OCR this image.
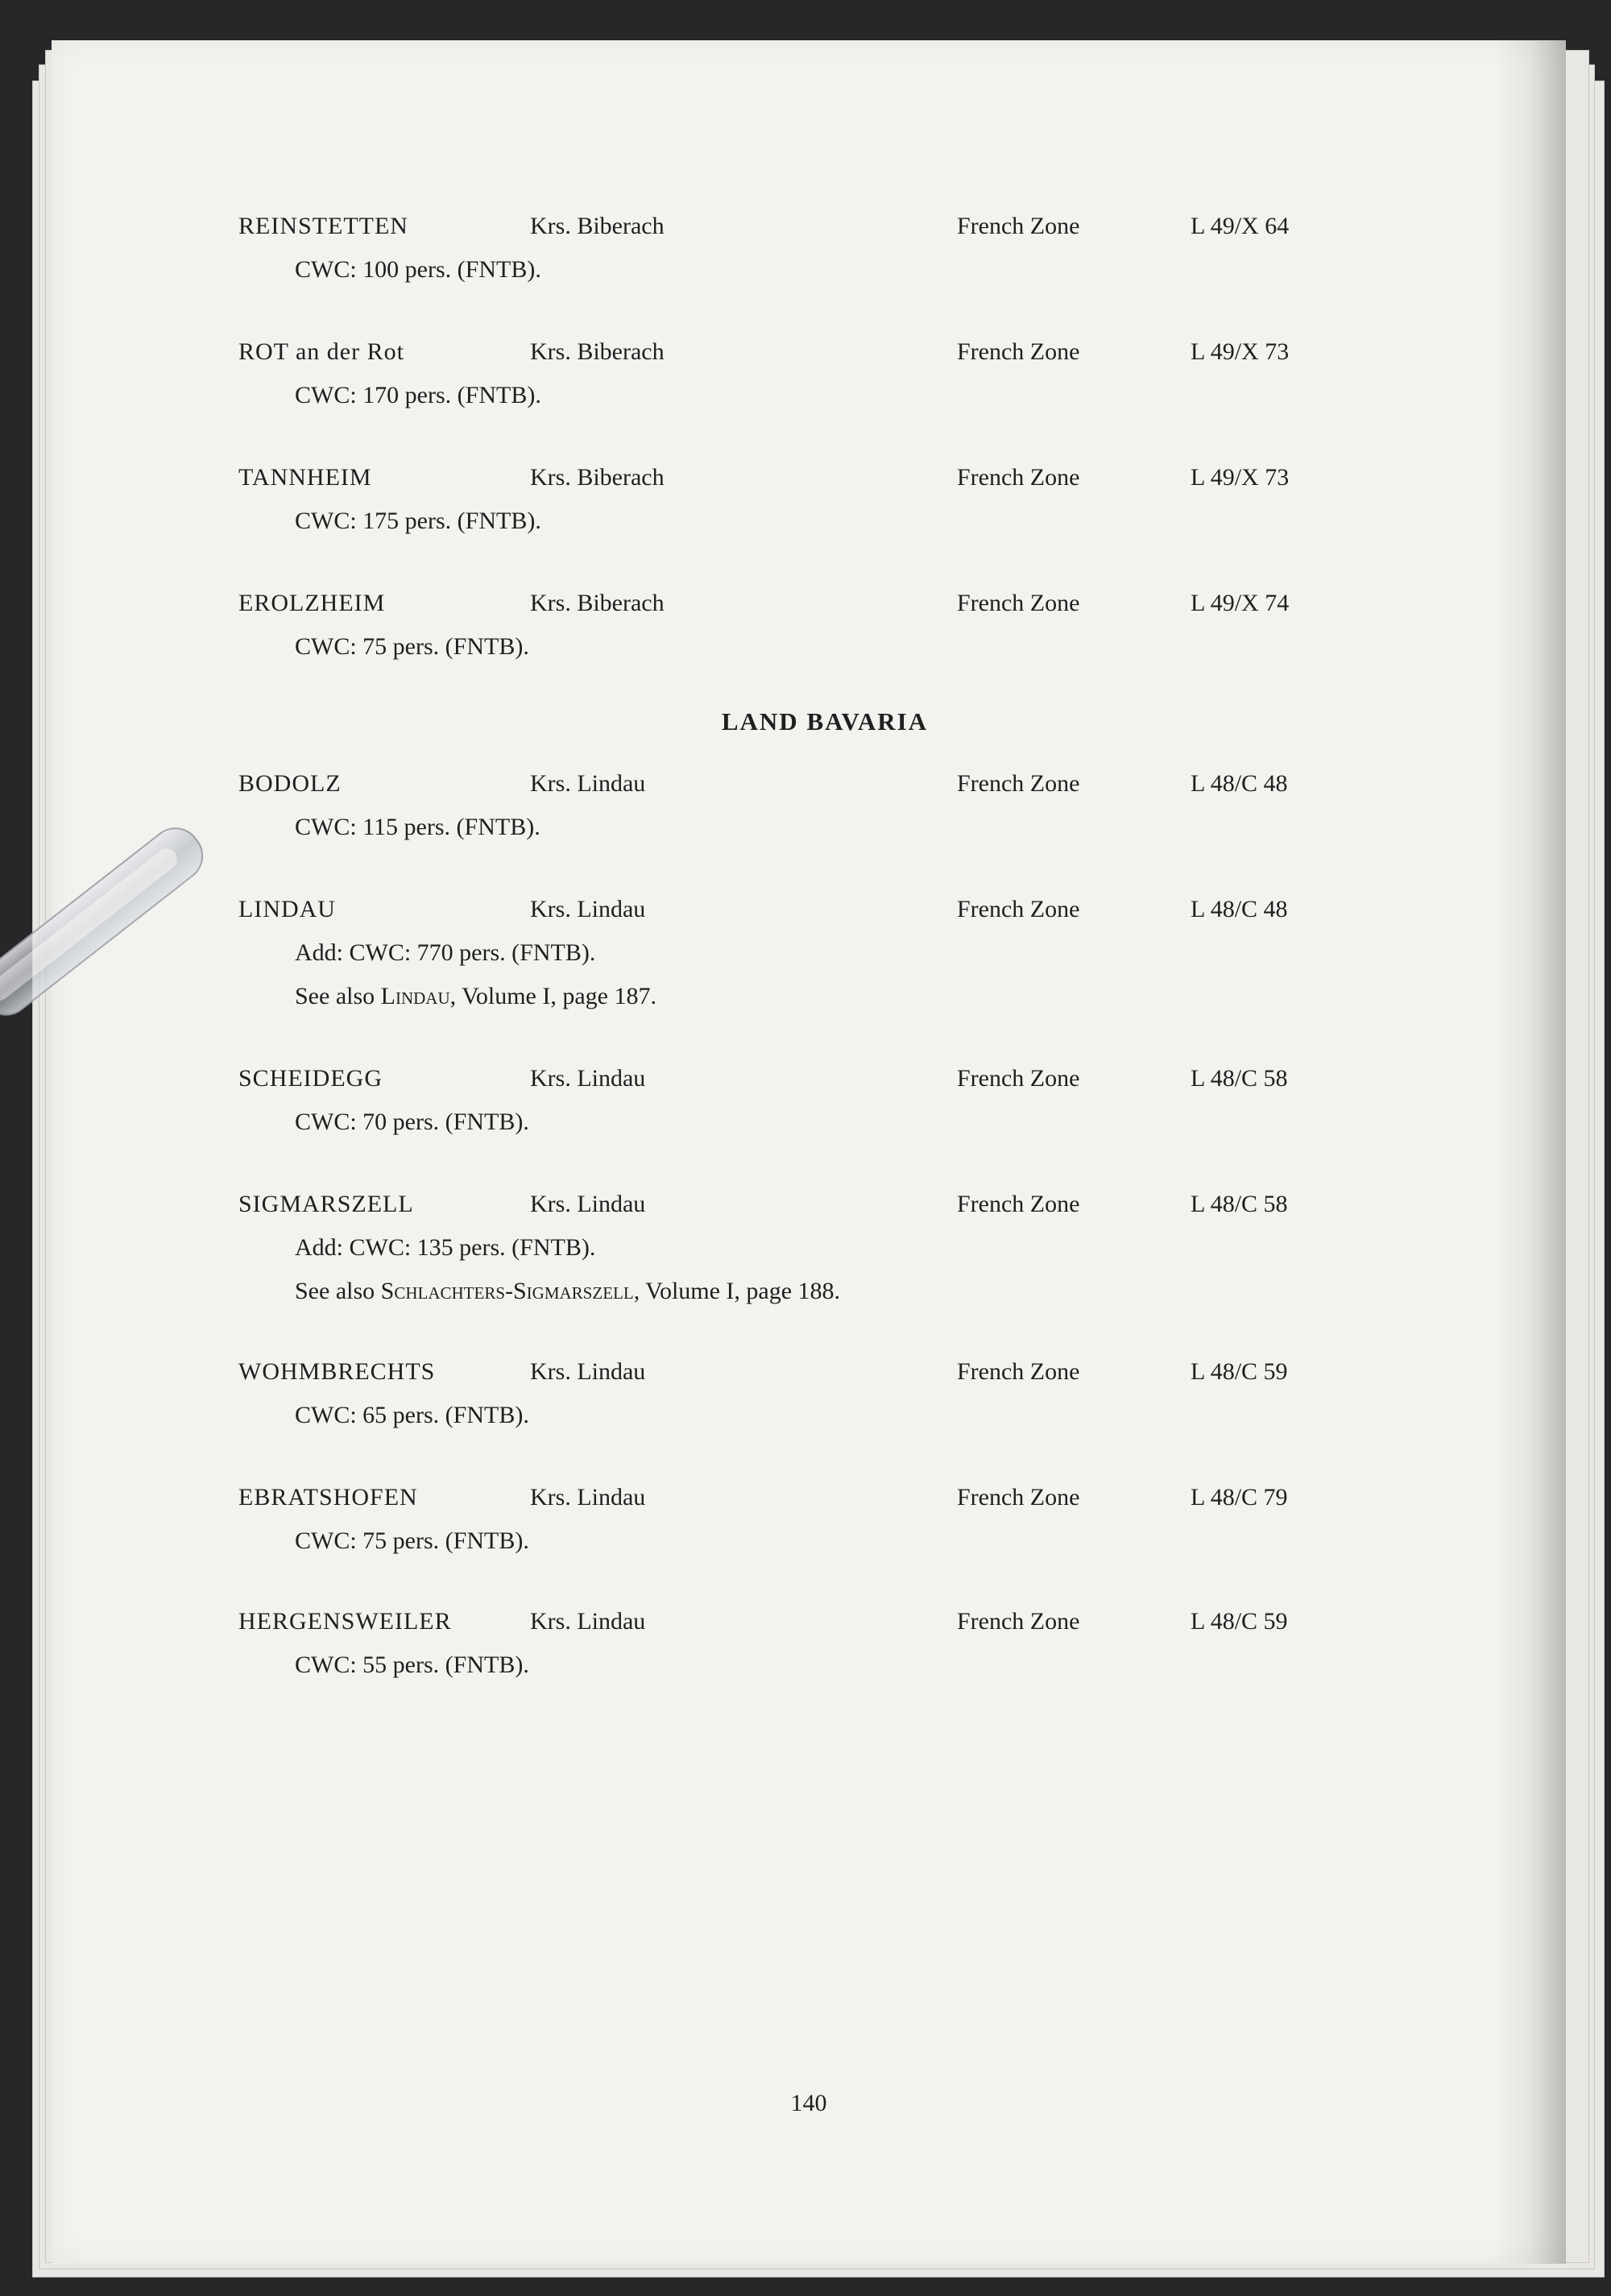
REINSTETTEN	Krs. Biberach	French Zone	L 49/X 64
CWC: 100 pers. (FNTB).
ROT an der Rot	Krs. Biberach	French Zone	L 49/X 73
CWC: 170 pers. (FNTB).
TANNHEIM	Krs. Biberach	French Zone	L 49/X 73
CWC: 175 pers. (FNTB).
EROLZHEIM	Krs. Biberach	French Zone	L 49/X 74
CWC: 75 pers. (FNTB).
BODOLZ	Krs. Lindau	French Zone	L 48/C 48
CWC: 115 pers. (FNTB).
LINDAU	Krs. Lindau	French Zone	L 48/C 48
Add: CWC: 770 pers. (FNTB).
See also Lindau, Volume I, page 187.
SCHEIDEGG	Krs. Lindau	French Zone	L 48/C 58
CWC: 70 pers. (FNTB).
SIGMARSZELL	Krs. Lindau	French Zone	L 48/C 58
Add: CWC: 135 pers. (FNTB).
See also Schlachters-Sigmarszell, Volume I, page 188.
WOHMBRECHTS	Krs. Lindau	French Zone	L 48/C 59
CWC: 65 pers. (FNTB).
EBRATSHOFEN	Krs. Lindau	French Zone	L 48/C 79
CWC: 75 pers. (FNTB).
HERGENSWEILER	Krs. Lindau	French Zone	L 48/C 59
CWC: 55 pers. (FNTB).
LAND BAVARIA
140
